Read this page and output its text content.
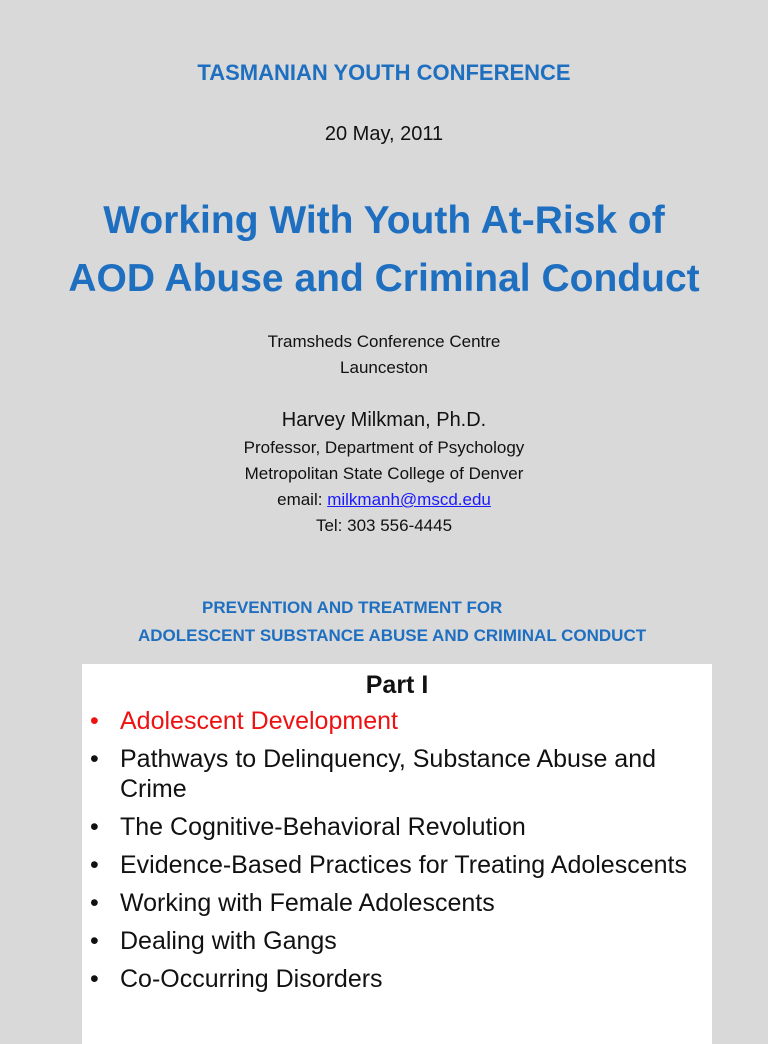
TASMANIAN YOUTH CONFERENCE
20 May, 2011
Working With Youth At-Risk of
AOD Abuse and Criminal Conduct
Tramsheds Conference Centre
Launceston
Harvey Milkman, Ph.D.
Professor, Department of Psychology
Metropolitan State College of Denver
email: milkmanh@mscd.edu
Tel: 303 556-4445
PREVENTION AND TREATMENT FOR
ADOLESCENT SUBSTANCE ABUSE AND CRIMINAL CONDUCT
Part I
• Adolescent Development
• Pathways to Delinquency, Substance Abuse and Crime
• The Cognitive-Behavioral Revolution
• Evidence-Based Practices for Treating Adolescents
• Working with Female Adolescents
• Dealing with Gangs
• Co-Occurring Disorders
